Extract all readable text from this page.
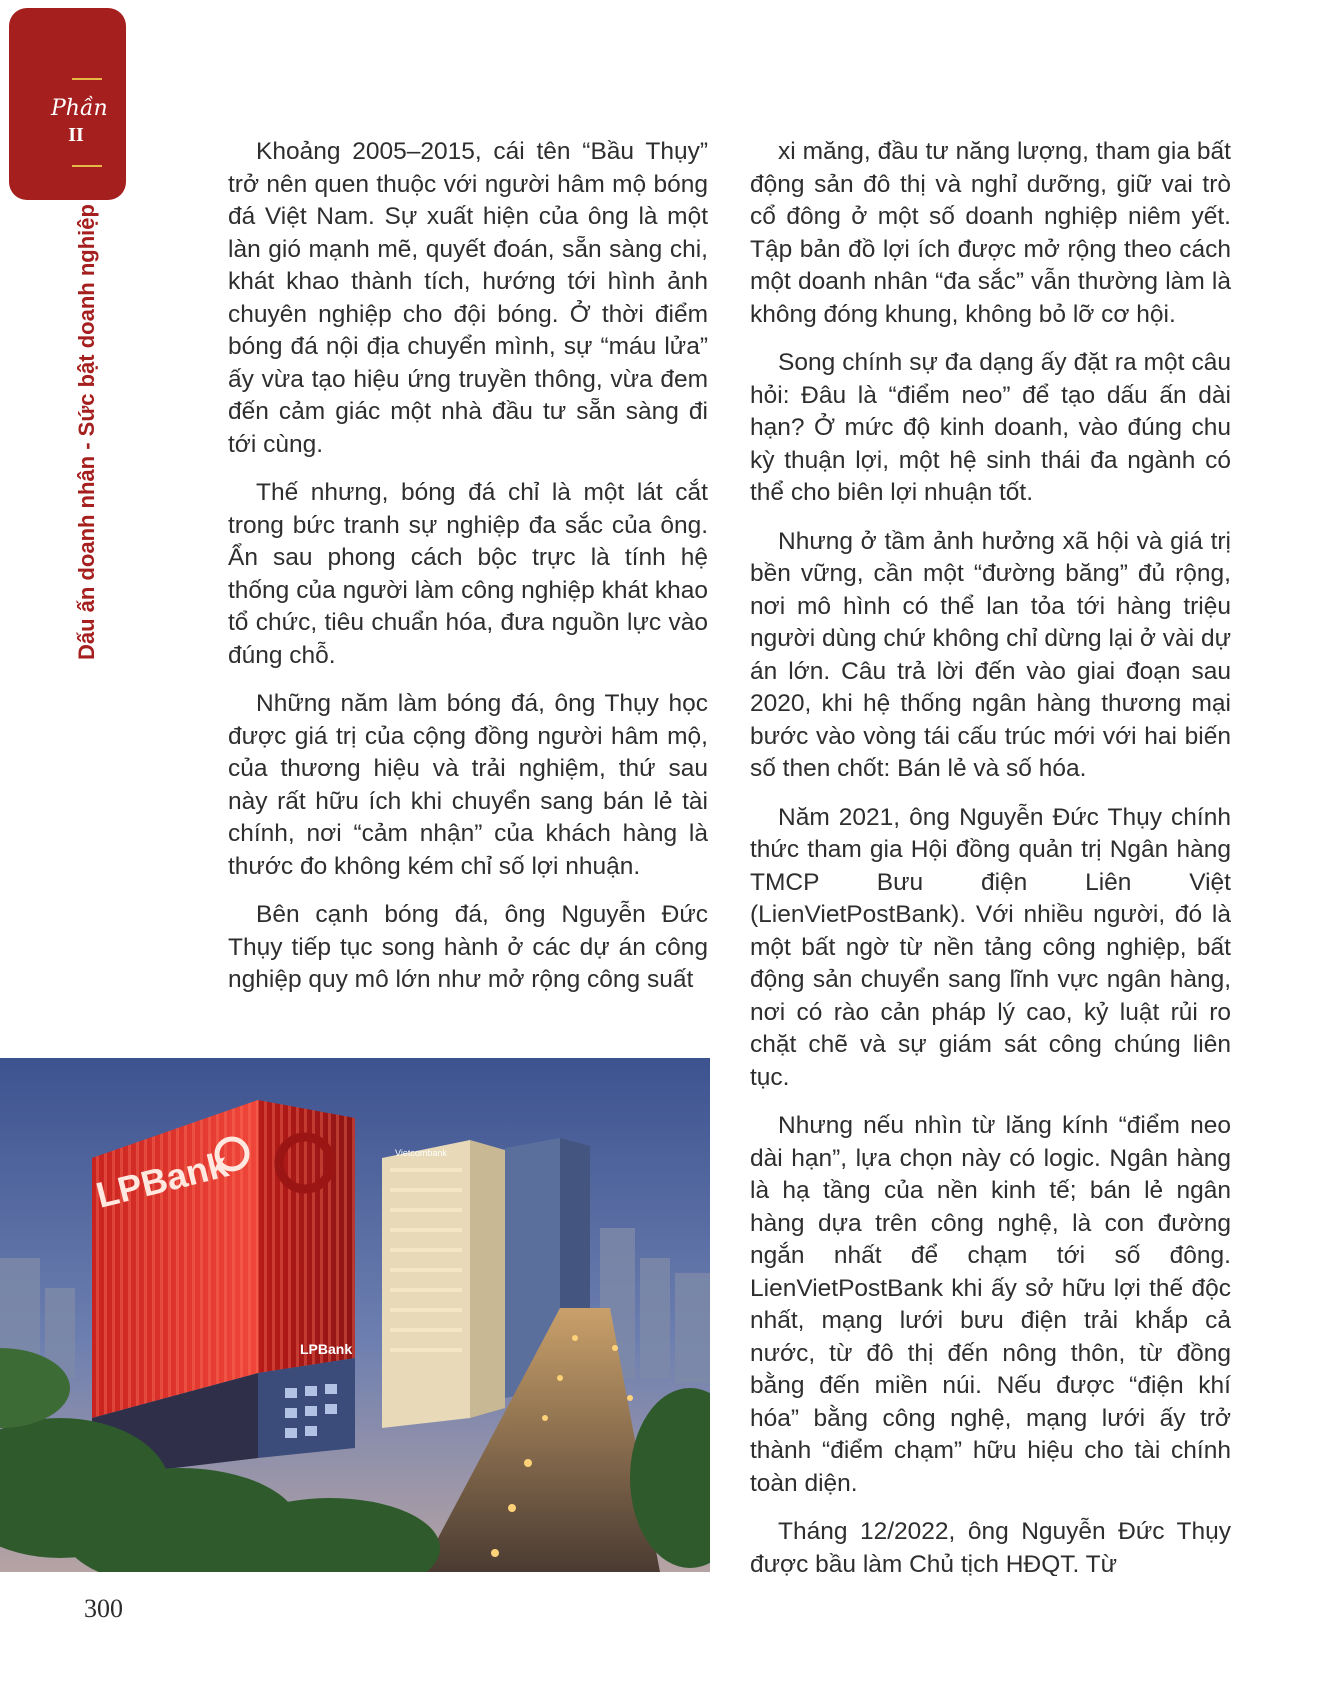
Phần
II
Dấu ấn doanh nhân - Sức bật doanh nghiệp

Khoảng 2005–2015, cái tên “Bầu Thụy” trở nên quen thuộc với người hâm mộ bóng đá Việt Nam. Sự xuất hiện của ông là một làn gió mạnh mẽ, quyết đoán, sẵn sàng chi, khát khao thành tích, hướng tới hình ảnh chuyên nghiệp cho đội bóng. Ở thời điểm bóng đá nội địa chuyển mình, sự “máu lửa” ấy vừa tạo hiệu ứng truyền thông, vừa đem đến cảm giác một nhà đầu tư sẵn sàng đi tới cùng.

Thế nhưng, bóng đá chỉ là một lát cắt trong bức tranh sự nghiệp đa sắc của ông. Ẩn sau phong cách bộc trực là tính hệ thống của người làm công nghiệp khát khao tổ chức, tiêu chuẩn hóa, đưa nguồn lực vào đúng chỗ.

Những năm làm bóng đá, ông Thụy học được giá trị của cộng đồng người hâm mộ, của thương hiệu và trải nghiệm, thứ sau này rất hữu ích khi chuyển sang bán lẻ tài chính, nơi “cảm nhận” của khách hàng là thước đo không kém chỉ số lợi nhuận.

Bên cạnh bóng đá, ông Nguyễn Đức Thụy tiếp tục song hành ở các dự án công nghiệp quy mô lớn như mở rộng công suất

xi măng, đầu tư năng lượng, tham gia bất động sản đô thị và nghỉ dưỡng, giữ vai trò cổ đông ở một số doanh nghiệp niêm yết. Tập bản đồ lợi ích được mở rộng theo cách một doanh nhân “đa sắc” vẫn thường làm là không đóng khung, không bỏ lỡ cơ hội.

Song chính sự đa dạng ấy đặt ra một câu hỏi: Đâu là “điểm neo” để tạo dấu ấn dài hạn? Ở mức độ kinh doanh, vào đúng chu kỳ thuận lợi, một hệ sinh thái đa ngành có thể cho biên lợi nhuận tốt.

Nhưng ở tầm ảnh hưởng xã hội và giá trị bền vững, cần một “đường băng” đủ rộng, nơi mô hình có thể lan tỏa tới hàng triệu người dùng chứ không chỉ dừng lại ở vài dự án lớn. Câu trả lời đến vào giai đoạn sau 2020, khi hệ thống ngân hàng thương mại bước vào vòng tái cấu trúc mới với hai biến số then chốt: Bán lẻ và số hóa.

Năm 2021, ông Nguyễn Đức Thụy chính thức tham gia Hội đồng quản trị Ngân hàng TMCP Bưu điện Liên Việt (LienVietPostBank). Với nhiều người, đó là một bất ngờ từ nền tảng công nghiệp, bất động sản chuyển sang lĩnh vực ngân hàng, nơi có rào cản pháp lý cao, kỷ luật rủi ro chặt chẽ và sự giám sát công chúng liên tục.

Nhưng nếu nhìn từ lăng kính “điểm neo dài hạn”, lựa chọn này có logic. Ngân hàng là hạ tầng của nền kinh tế; bán lẻ ngân hàng dựa trên công nghệ, là con đường ngắn nhất để chạm tới số đông. LienVietPostBank khi ấy sở hữu lợi thế độc nhất, mạng lưới bưu điện trải khắp cả nước, từ đô thị đến nông thôn, từ đồng bằng đến miền núi. Nếu được “điện khí hóa” bằng công nghệ, mạng lưới ấy trở thành “điểm chạm” hữu hiệu cho tài chính toàn diện.

Tháng 12/2022, ông Nguyễn Đức Thụy được bầu làm Chủ tịch HĐQT. Từ

Vietcombank
LPBank
LPBank
300
